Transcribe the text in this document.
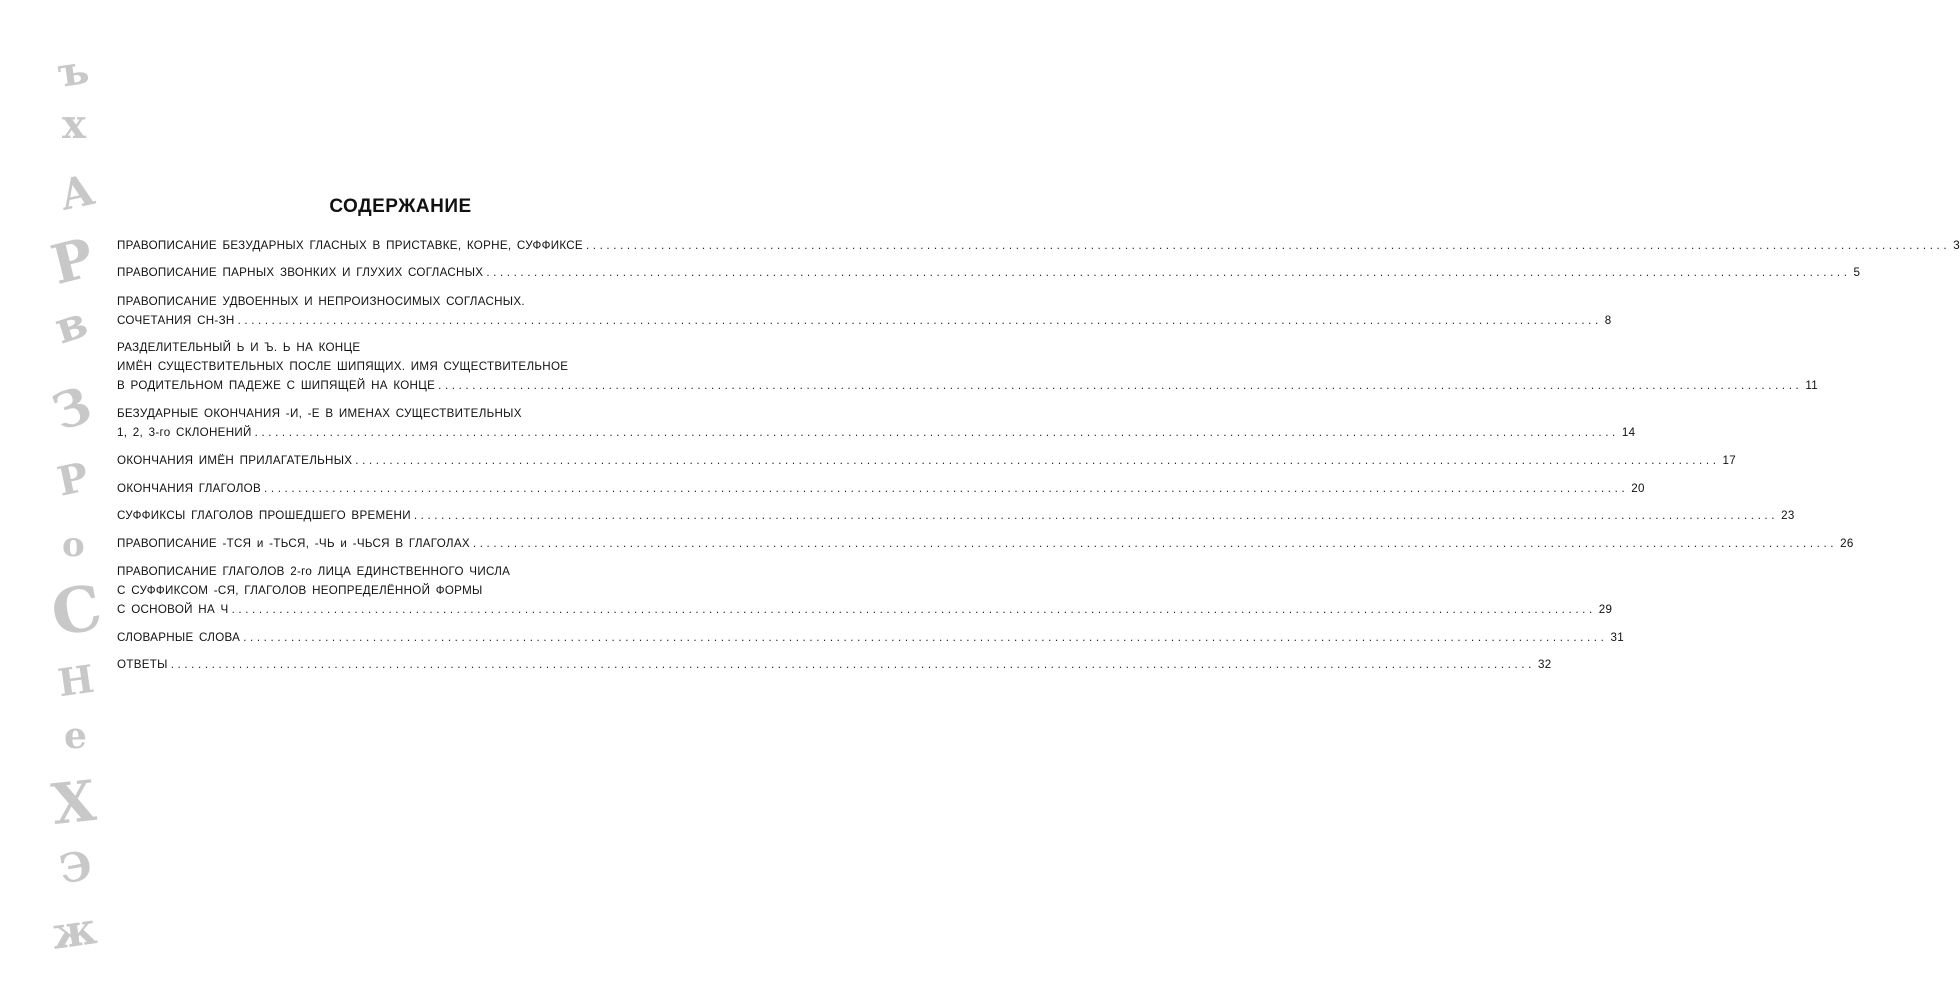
ъ
х
А
Р
в
З
Р
о
С
Н
е
Х
Э
ж
СОДЕРЖАНИЕ
ПРАВОПИСАНИЕ БЕЗУДАРНЫХ ГЛАСНЫХ В ПРИСТАВКЕ, КОРНЕ, СУФФИКСЕ ........................................................................................................................................................................................................ 3
ПРАВОПИСАНИЕ ПАРНЫХ ЗВОНКИХ И ГЛУХИХ СОГЛАСНЫХ ........................................................................................................................................................................................................ 5
ПРАВОПИСАНИЕ УДВОЕННЫХ И НЕПРОИЗНОСИМЫХ СОГЛАСНЫХ.
СОЧЕТАНИЯ СН-ЗН ........................................................................................................................................................................................................ 8
РАЗДЕЛИТЕЛЬНЫЙ Ь И Ъ. Ь НА КОНЦЕ
ИМЁН СУЩЕСТВИТЕЛЬНЫХ ПОСЛЕ ШИПЯЩИХ. ИМЯ СУЩЕСТВИТЕЛЬНОЕ
В РОДИТЕЛЬНОМ ПАДЕЖЕ С ШИПЯЩЕЙ НА КОНЦЕ ........................................................................................................................................................................................................ 11
БЕЗУДАРНЫЕ ОКОНЧАНИЯ -И, -Е В ИМЕНАХ СУЩЕСТВИТЕЛЬНЫХ
1, 2, 3-го СКЛОНЕНИЙ ........................................................................................................................................................................................................ 14
ОКОНЧАНИЯ ИМЁН ПРИЛАГАТЕЛЬНЫХ ........................................................................................................................................................................................................ 17
ОКОНЧАНИЯ ГЛАГОЛОВ ........................................................................................................................................................................................................ 20
СУФФИКСЫ ГЛАГОЛОВ ПРОШЕДШЕГО ВРЕМЕНИ ........................................................................................................................................................................................................ 23
ПРАВОПИСАНИЕ -ТСЯ и -ТЬСЯ, -ЧЬ и -ЧЬСЯ В ГЛАГОЛАХ ........................................................................................................................................................................................................ 26
ПРАВОПИСАНИЕ ГЛАГОЛОВ 2-го ЛИЦА ЕДИНСТВЕННОГО ЧИСЛА
С СУФФИКСОМ -СЯ, ГЛАГОЛОВ НЕОПРЕДЕЛЁННОЙ ФОРМЫ
С ОСНОВОЙ НА Ч ........................................................................................................................................................................................................ 29
СЛОВАРНЫЕ СЛОВА ........................................................................................................................................................................................................ 31
ОТВЕТЫ ........................................................................................................................................................................................................ 32
